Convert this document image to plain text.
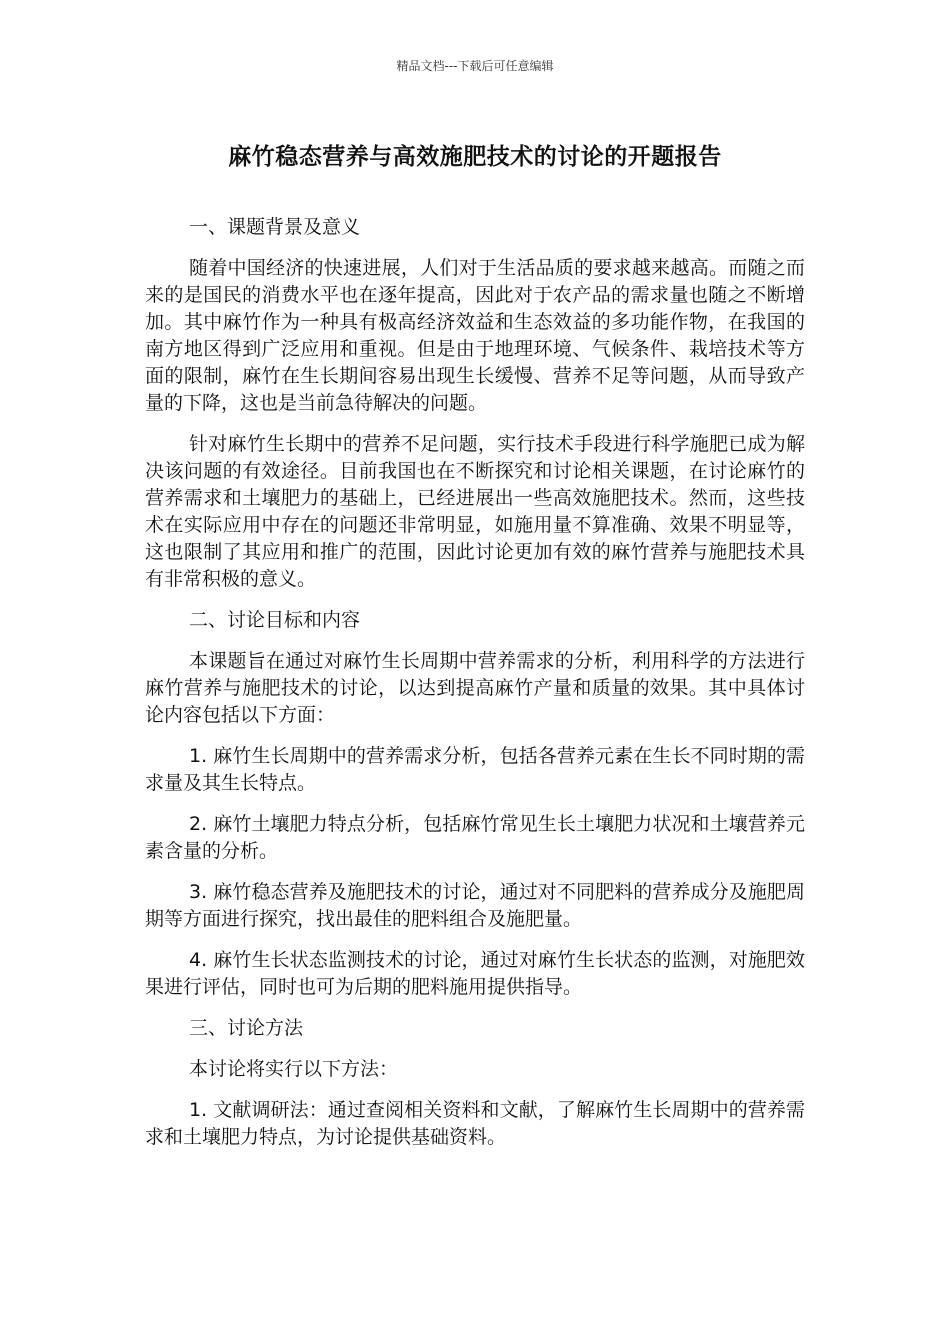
精品文档---下载后可任意编辑
麻竹稳态营养与高效施肥技术的讨论的开题报告

一、课题背景及意义

随着中国经济的快速进展，人们对于生活品质的要求越来越高。而随之而来的是国民的消费水平也在逐年提高，因此对于农产品的需求量也随之不断增加。其中麻竹作为一种具有极高经济效益和生态效益的多功能作物，在我国的南方地区得到广泛应用和重视。但是由于地理环境、气候条件、栽培技术等方面的限制，麻竹在生长期间容易出现生长缓慢、营养不足等问题，从而导致产量的下降，这也是当前急待解决的问题。

针对麻竹生长期中的营养不足问题，实行技术手段进行科学施肥已成为解决该问题的有效途径。目前我国也在不断探究和讨论相关课题，在讨论麻竹的营养需求和土壤肥力的基础上，已经进展出一些高效施肥技术。然而，这些技术在实际应用中存在的问题还非常明显，如施用量不算准确、效果不明显等，这也限制了其应用和推广的范围，因此讨论更加有效的麻竹营养与施肥技术具有非常积极的意义。

二、讨论目标和内容

本课题旨在通过对麻竹生长周期中营养需求的分析，利用科学的方法进行麻竹营养与施肥技术的讨论，以达到提高麻竹产量和质量的效果。其中具体讨论内容包括以下方面：

1. 麻竹生长周期中的营养需求分析，包括各营养元素在生长不同时期的需求量及其生长特点。

2. 麻竹土壤肥力特点分析，包括麻竹常见生长土壤肥力状况和土壤营养元素含量的分析。

3. 麻竹稳态营养及施肥技术的讨论，通过对不同肥料的营养成分及施肥周期等方面进行探究，找出最佳的肥料组合及施肥量。

4. 麻竹生长状态监测技术的讨论，通过对麻竹生长状态的监测，对施肥效果进行评估，同时也可为后期的肥料施用提供指导。

三、讨论方法

本讨论将实行以下方法：

1. 文献调研法：通过查阅相关资料和文献，了解麻竹生长周期中的营养需求和土壤肥力特点，为讨论提供基础资料。
